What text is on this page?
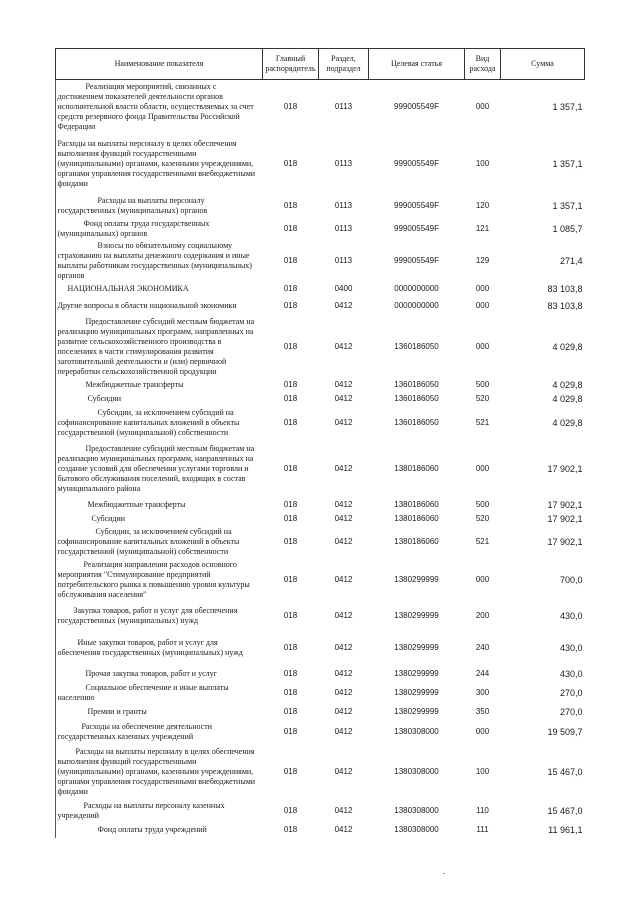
Наименование показателя	Главный распорядитель	Раздел, подраздел	Целевая статья	Вид расхода	Сумма
Реализация мероприятий, связанных с достижением показателей деятельности органов исполнительной власти области, осуществляемых за счет средств резервного фонда Правительства Российской Федерации	018	0113	999005549F	000	1 357,1
Расходы на выплаты персоналу в целях обеспечения выполнения функций государственными (муниципальными) органами, казенными учреждениями, органами управления государственными внебюджетными фондами	018	0113	999005549F	100	1 357,1
Расходы на выплаты персоналу государственных (муниципальных) органов	018	0113	999005549F	120	1 357,1
Фонд оплаты труда государственных (муниципальных) органов	018	0113	999005549F	121	1 085,7
Взносы по обязательному социальному страхованию на выплаты денежного содержания и иные выплаты работникам государственных (муниципальных) органов	018	0113	999005549F	129	271,4
НАЦИОНАЛЬНАЯ ЭКОНОМИКА	018	0400	0000000000	000	83 103,8
Другие вопросы в области национальной экономики	018	0412	0000000000	000	83 103,8
Предоставление субсидий местным бюджетам на реализацию муниципальных программ, направленных на развитие сельскохозяйственного производства в поселениях в части стимулирования развития заготовительной деятельности и (или) первичной переработки сельскохозяйственной продукции	018	0412	1360186050	000	4 029,8
Межбюджетные трансферты	018	0412	1360186050	500	4 029,8
Субсидии	018	0412	1360186050	520	4 029,8
Субсидии, за исключением субсидий на софинансирование капитальных вложений в объекты государственной (муниципальной) собственности	018	0412	1360186050	521	4 029,8
Предоставление субсидий местным бюджетам на реализацию муниципальных программ, направленных на создание условий для обеспечения услугами торговли и бытового обслуживания поселений, входящих в состав муниципального района	018	0412	1380186060	000	17 902,1
Межбюджетные трансферты	018	0412	1380186060	500	17 902,1
Субсидии	018	0412	1380186060	520	17 902,1
Субсидии, за исключением субсидий на софинансирование капитальных вложений в объекты государственной (муниципальной) собственности	018	0412	1380186060	521	17 902,1
Реализация направления расходов основного мероприятия "Стимулирование предприятий потребительского рынка к повышению уровня культуры обслуживания населения"	018	0412	1380299999	000	700,0
Закупка товаров, работ и услуг для обеспечения государственных (муниципальных) нужд	018	0412	1380299999	200	430,0
Иные закупки товаров, работ и услуг для обеспечения государственных (муниципальных) нужд	018	0412	1380299999	240	430,0
Прочая закупка товаров, работ и услуг	018	0412	1380299999	244	430,0
Социальное обеспечение и иные выплаты населению	018	0412	1380299999	300	270,0
Премии и гранты	018	0412	1380299999	350	270,0
Расходы на обеспечение деятельности государственных казенных учреждений	018	0412	1380308000	000	19 509,7
Расходы на выплаты персоналу в целях обеспечения выполнения функций государственными (муниципальными) органами, казенными учреждениями, органами управления государственными внебюджетными фондами	018	0412	1380308000	100	15 467,0
Расходы на выплаты персоналу казенных учреждений	018	0412	1380308000	110	15 467,0
Фонд оплаты труда учреждений	018	0412	1380308000	111	11 961,1
